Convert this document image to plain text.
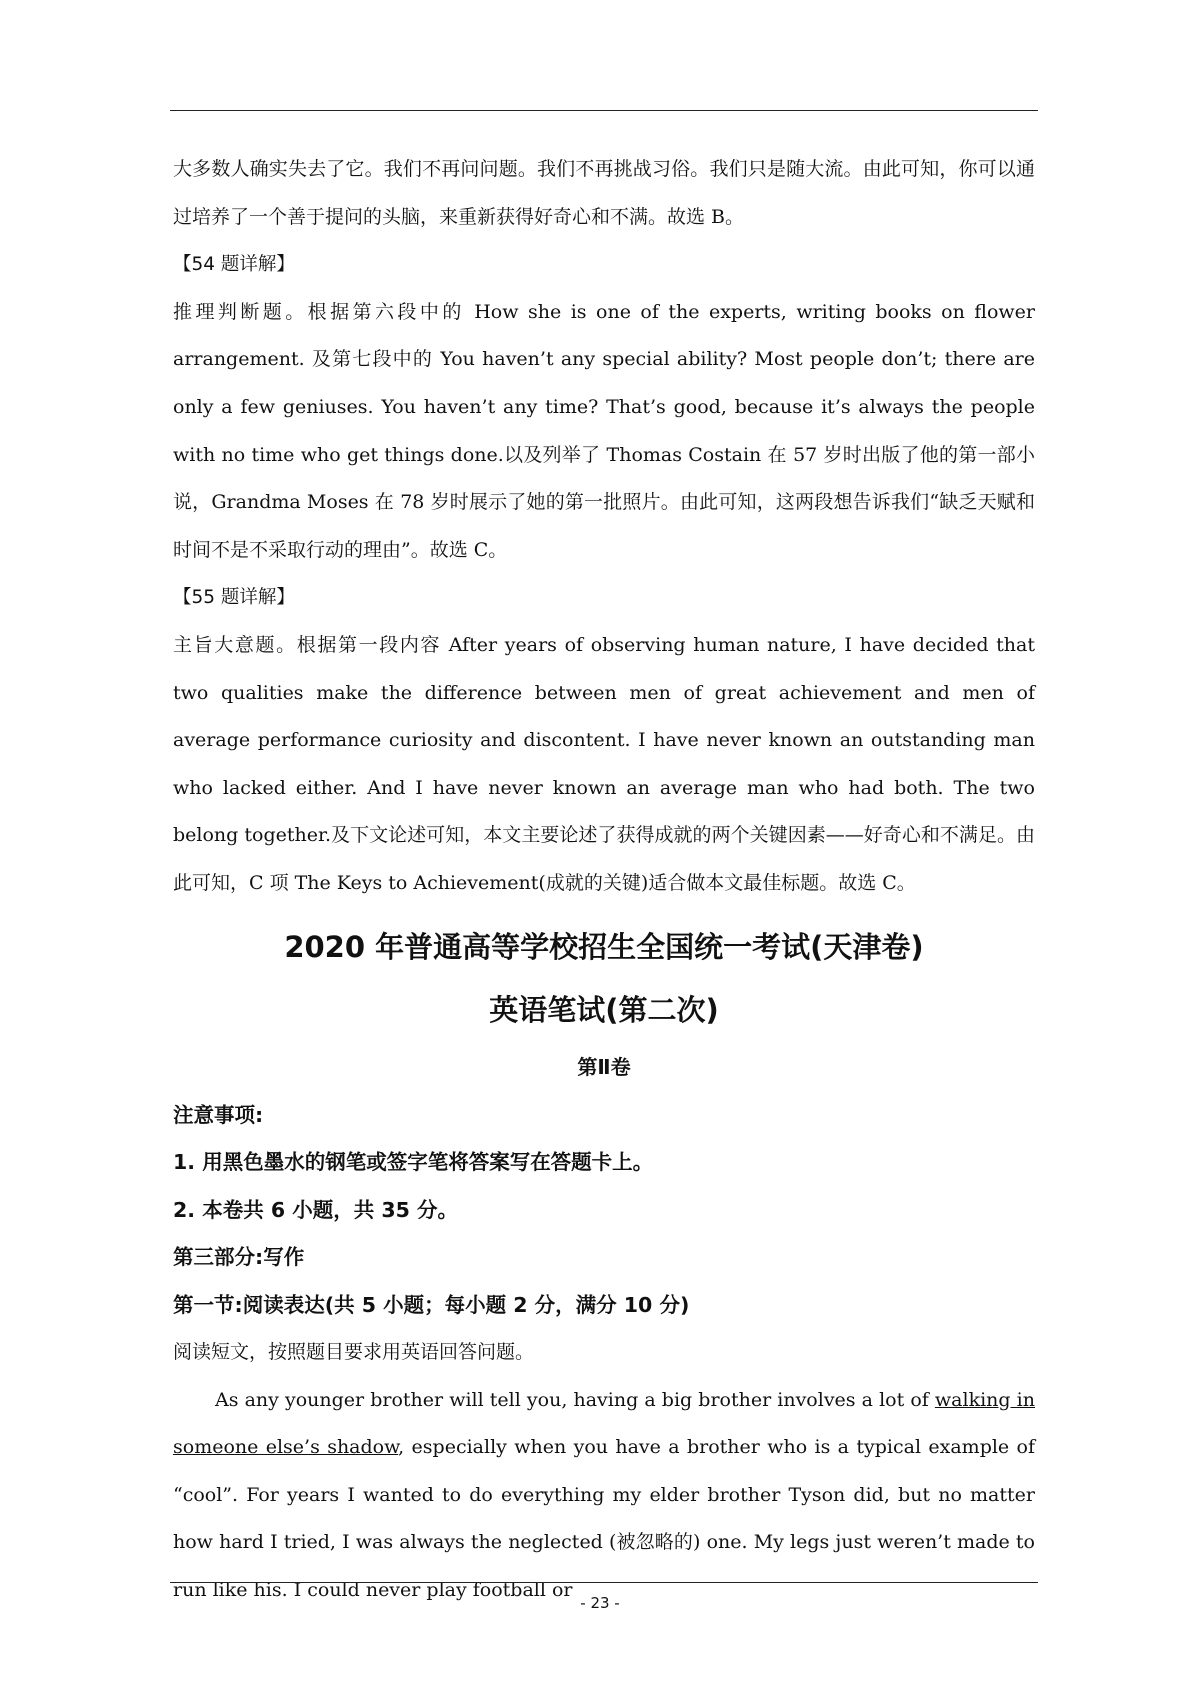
大多数人确实失去了它。我们不再问问题。我们不再挑战习俗。我们只是随大流。由此可知，你可以通过培养了一个善于提问的头脑，来重新获得好奇心和不满。故选 B。

【54 题详解】

推理判断题。根据第六段中的 How she is one of the experts, writing books on flower arrangement. 及第七段中的 You haven’t any special ability? Most people don’t; there are only a few geniuses. You haven’t any time? That’s good, because it’s always the people with no time who get things done.以及列举了 Thomas Costain 在 57 岁时出版了他的第一部小说，Grandma Moses 在 78 岁时展示了她的第一批照片。由此可知，这两段想告诉我们“缺乏天赋和时间不是不采取行动的理由”。故选 C。

【55 题详解】

主旨大意题。根据第一段内容 After years of observing human nature, I have decided that two qualities make the difference between men of great achievement and men of average performance curiosity and discontent. I have never known an outstanding man who lacked either. And I have never known an average man who had both. The two belong together.及下文论述可知，本文主要论述了获得成就的两个关键因素——好奇心和不满足。由此可知，C 项 The Keys to Achievement(成就的关键)适合做本文最佳标题。故选 C。

2020 年普通高等学校招生全国统一考试(天津卷)
英语笔试(第二次)
第Ⅱ卷
注意事项:
1. 用黑色墨水的钢笔或签字笔将答案写在答题卡上。
2. 本卷共 6 小题，共 35 分。
第三部分:写作
第一节:阅读表达(共 5 小题；每小题 2 分，满分 10 分)

阅读短文，按照题目要求用英语回答问题。

As any younger brother will tell you, having a big brother involves a lot of walking in someone else’s shadow, especially when you have a brother who is a typical example of “cool”. For years I wanted to do everything my elder brother Tyson did, but no matter how hard I tried, I was always the neglected (被忽略的) one. My legs just weren’t made to run like his. I could never play football or

- 23 -
